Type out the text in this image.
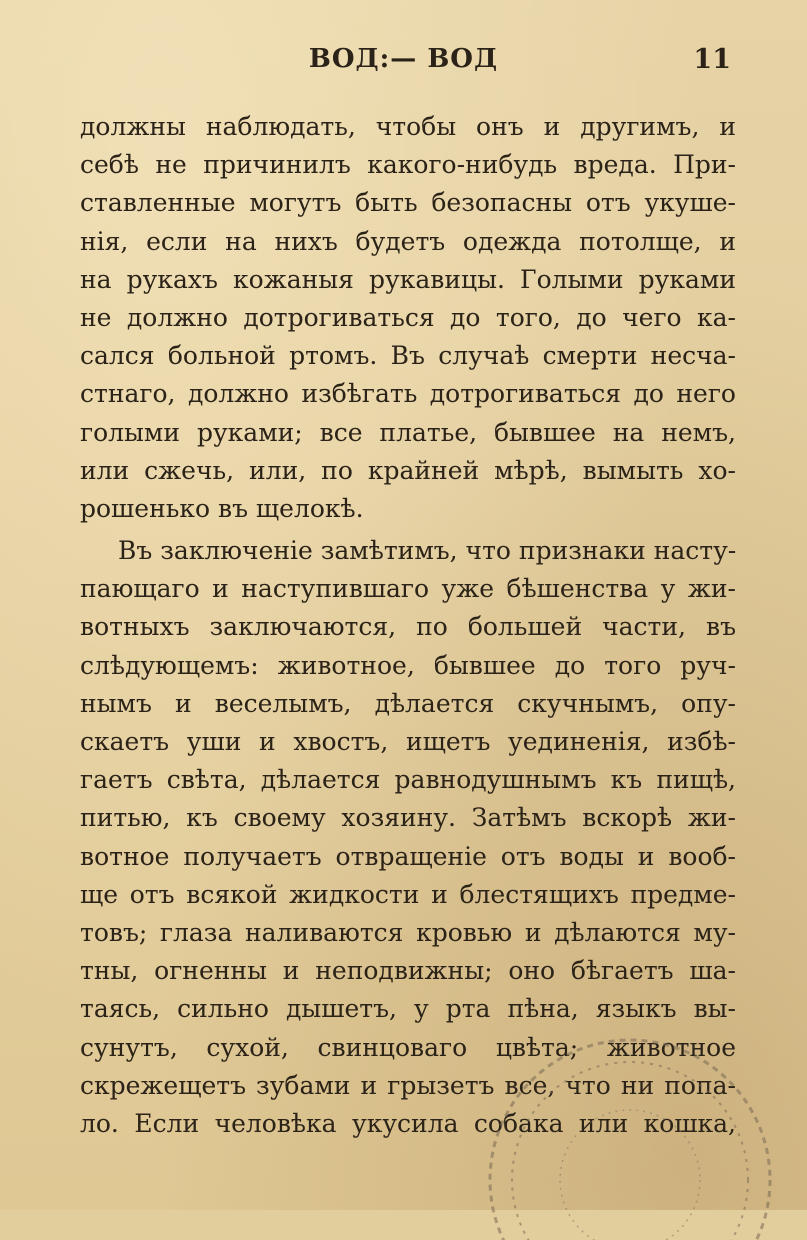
ВОД:— ВОД	11
должны наблюдать, чтобы онъ и другимъ, и
себѣ не причинилъ какого-нибудь вреда. При-
ставленные могутъ быть безопасны отъ укуше-
нія, если на нихъ будетъ одежда потолще, и
на рукахъ кожаныя рукавицы. Голыми руками
не должно дотрогиваться до того, до чего ка-
сался больной ртомъ. Въ случаѣ смерти несча-
стнаго, должно избѣгать дотрогиваться до него
голыми руками; все платье, бывшее на немъ,
или сжечь, или, по крайней мѣрѣ, вымыть хо-
рошенько въ щелокѣ.
Въ заключеніе замѣтимъ, что признаки насту-
пающаго и наступившаго уже бѣшенства у жи-
вотныхъ заключаются, по большей части, въ
слѣдующемъ: животное, бывшее до того руч-
нымъ и веселымъ, дѣлается скучнымъ, опу-
скаетъ уши и хвостъ, ищетъ уединенія, избѣ-
гаетъ свѣта, дѣлается равнодушнымъ къ пищѣ,
питью, къ своему хозяину. Затѣмъ вскорѣ жи-
вотное получаетъ отвращеніе отъ воды и вооб-
ще отъ всякой жидкости и блестящихъ предме-
товъ; глаза наливаются кровью и дѣлаются му-
тны, огненны и неподвижны; оно бѣгаетъ ша-
таясь, сильно дышетъ, у рта пѣна, языкъ вы-
сунутъ, сухой, свинцоваго цвѣта; животное
скрежещетъ зубами и грызетъ все, что ни попа-
ло. Если человѣка укусила собака или кошка,
